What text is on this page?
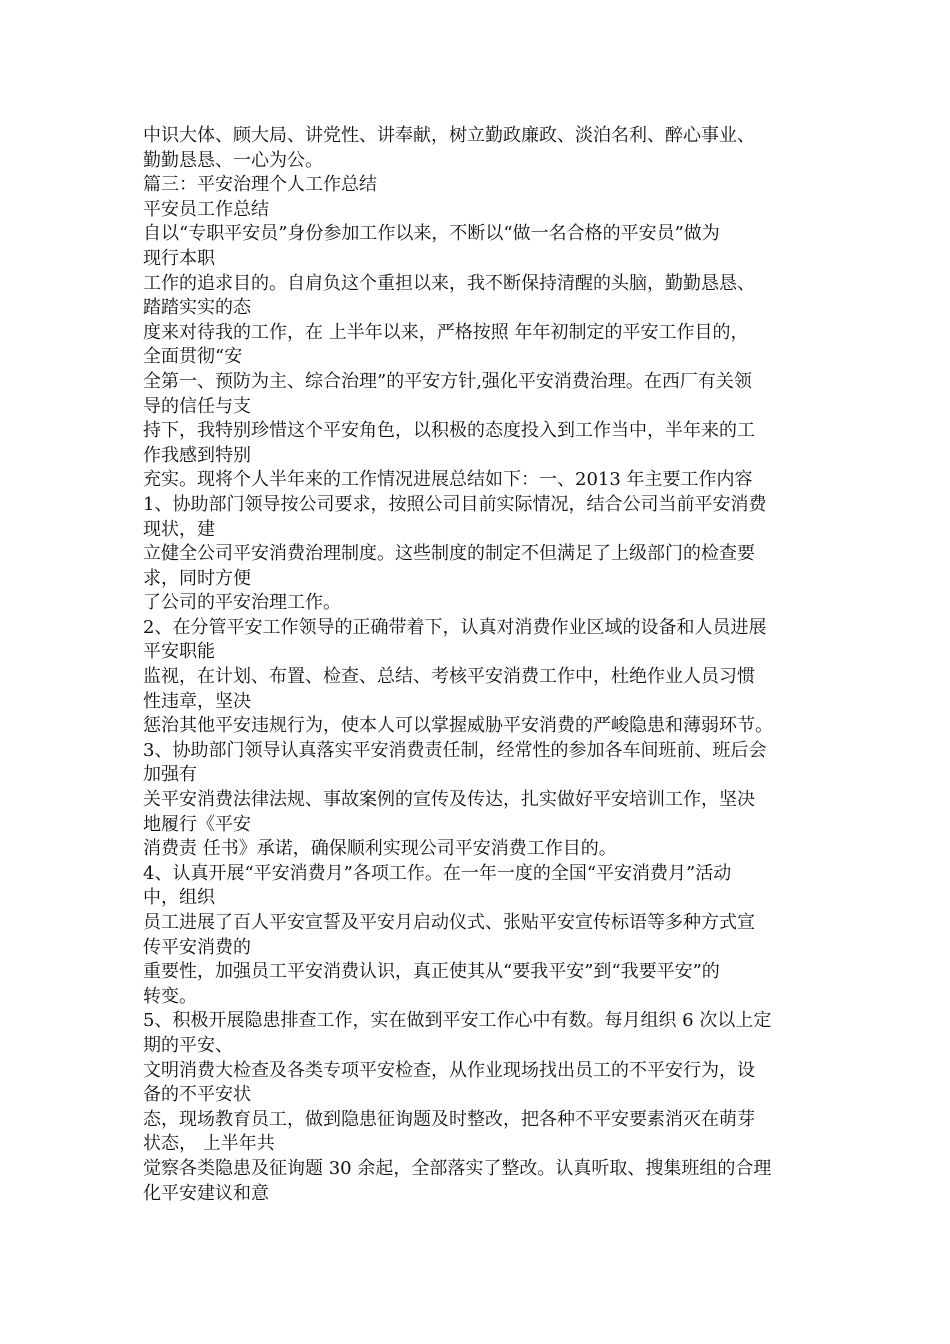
中识大体、顾大局、讲党性、讲奉献，树立勤政廉政、淡泊名利、醉心事业、
勤勤恳恳、一心为公。
篇三：平安治理个人工作总结
平安员工作总结
自以“专职平安员”身份参加工作以来，不断以“做一名合格的平安员”做为
现行本职
工作的追求目的。自肩负这个重担以来，我不断保持清醒的头脑，勤勤恳恳、
踏踏实实的态
度来对待我的工作，在 上半年以来，严格按照 年年初制定的平安工作目的，
全面贯彻“安
全第一、预防为主、综合治理”的平安方针,强化平安消费治理。在西厂有关领
导的信任与支
持下，我特别珍惜这个平安角色，以积极的态度投入到工作当中，半年来的工
作我感到特别
充实。现将个人半年来的工作情况进展总结如下：一、2013 年主要工作内容
1、协助部门领导按公司要求，按照公司目前实际情况，结合公司当前平安消费
现状，建
立健全公司平安消费治理制度。这些制度的制定不但满足了上级部门的检查要
求，同时方便
了公司的平安治理工作。
2、在分管平安工作领导的正确带着下，认真对消费作业区域的设备和人员进展
平安职能
监视，在计划、布置、检查、总结、考核平安消费工作中，杜绝作业人员习惯
性违章，坚决
惩治其他平安违规行为，使本人可以掌握威胁平安消费的严峻隐患和薄弱环节。
3、协助部门领导认真落实平安消费责任制，经常性的参加各车间班前、班后会
加强有
关平安消费法律法规、事故案例的宣传及传达，扎实做好平安培训工作，坚决
地履行《平安
消费责 任书》承诺，确保顺利实现公司平安消费工作目的。
4、认真开展“平安消费月”各项工作。在一年一度的全国“平安消费月”活动
中，组织
员工进展了百人平安宣誓及平安月启动仪式、张贴平安宣传标语等多种方式宣
传平安消费的
重要性，加强员工平安消费认识，真正使其从“要我平安”到“我要平安”的
转变。
5、积极开展隐患排查工作，实在做到平安工作心中有数。每月组织 6 次以上定
期的平安、
文明消费大检查及各类专项平安检查，从作业现场找出员工的不平安行为，设
备的不平安状
态，现场教育员工，做到隐患征询题及时整改，把各种不平安要素消灭在萌芽
状态， 上半年共
觉察各类隐患及征询题 30 余起，全部落实了整改。认真听取、搜集班组的合理
化平安建议和意
